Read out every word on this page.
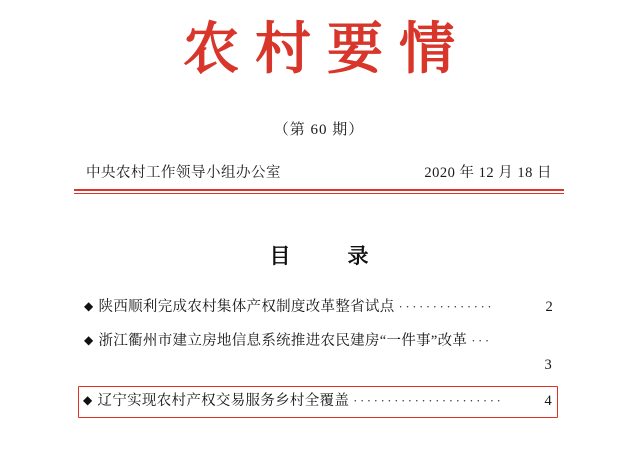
农村要情
（第 60 期）
中央农村工作领导小组办公室	2020 年 12 月 18 日
目　录
◆ 陕西顺利完成农村集体产权制度改革整省试点 ··············	2
◆ 浙江衢州市建立房地信息系统推进农民建房“一件事”改革 ···
3
◆ 辽宁实现农村产权交易服务乡村全覆盖 ······················	4
